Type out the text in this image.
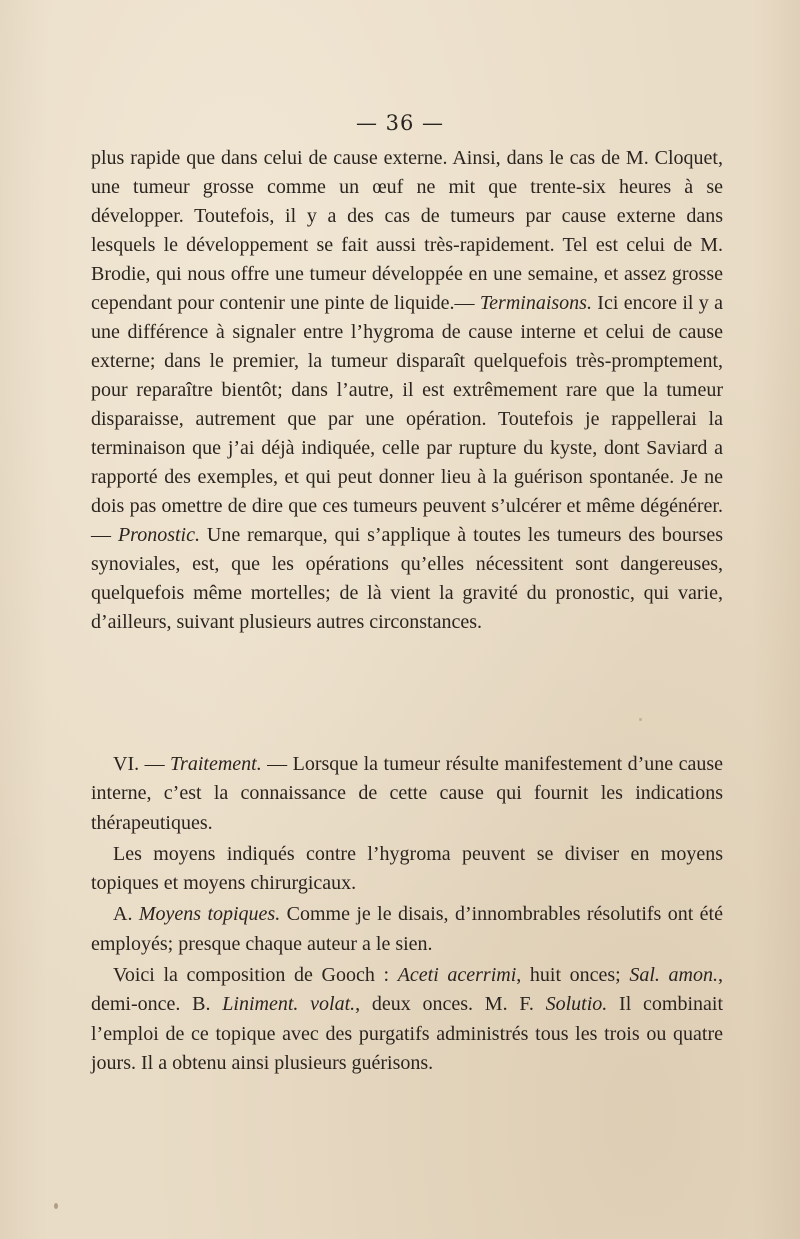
— 36 —

plus rapide que dans celui de cause externe. Ainsi, dans le cas de M. Cloquet, une tumeur grosse comme un œuf ne mit que trente-six heures à se développer. Toutefois, il y a des cas de tumeurs par cause externe dans lesquels le développement se fait aussi très-rapidement. Tel est celui de M. Brodie, qui nous offre une tumeur développée en une semaine, et assez grosse cependant pour contenir une pinte de liquide.— Terminaisons. Ici encore il y a une différence à signaler entre l’hygroma de cause interne et celui de cause externe; dans le premier, la tumeur disparaît quelquefois très-promptement, pour reparaître bientôt; dans l’autre, il est extrêmement rare que la tumeur disparaisse, autrement que par une opération. Toutefois je rappellerai la terminaison que j’ai déjà indiquée, celle par rupture du kyste, dont Saviard a rapporté des exemples, et qui peut donner lieu à la guérison spontanée. Je ne dois pas omettre de dire que ces tumeurs peuvent s’ulcérer et même dégénérer. — Pronostic. Une remarque, qui s’applique à toutes les tumeurs des bourses synoviales, est, que les opérations qu’elles nécessitent sont dangereuses, quelquefois même mortelles; de là vient la gravité du pronostic, qui varie, d’ailleurs, suivant plusieurs autres circonstances.

VI. — Traitement. — Lorsque la tumeur résulte manifestement d’une cause interne, c’est la connaissance de cette cause qui fournit les indications thérapeutiques.

Les moyens indiqués contre l’hygroma peuvent se diviser en moyens topiques et moyens chirurgicaux.

A. Moyens topiques. Comme je le disais, d’innombrables résolutifs ont été employés; presque chaque auteur a le sien.

Voici la composition de Gooch : Aceti acerrimi, huit onces; Sal. amon., demi-once. B. Liniment. volat., deux onces. M. F. Solutio. Il combinait l’emploi de ce topique avec des purgatifs administrés tous les trois ou quatre jours. Il a obtenu ainsi plusieurs guérisons.
